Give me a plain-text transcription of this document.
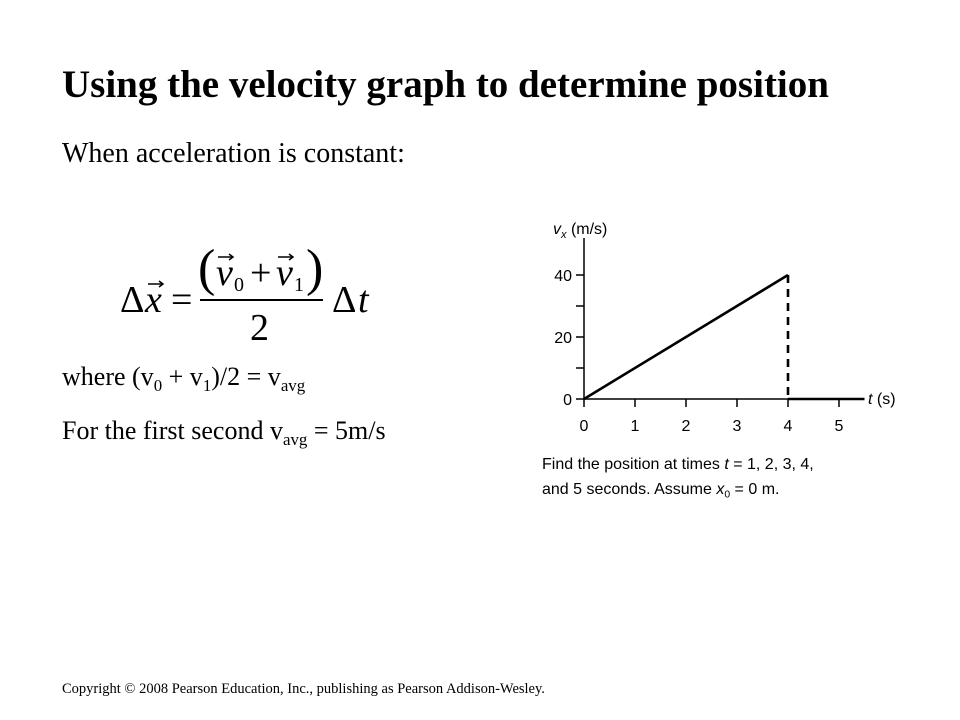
Using the velocity graph to determine position
When acceleration is constant:
Δ x =
( v 0 + v 1 )
2
Δ t
where $(v_0 + v_1)/2 = v_{avg}$
For the first second $v_{avg} = 5m/s$
$v_x$ (m/s)
t (s)
0
20
40
0	1	2	3	4	5
Find the position at times t = 1, 2, 3, 4,
and 5 seconds. Assume $x_0 = 0$ m.
Copyright © 2008 Pearson Education, Inc., publishing as Pearson Addison-Wesley.
